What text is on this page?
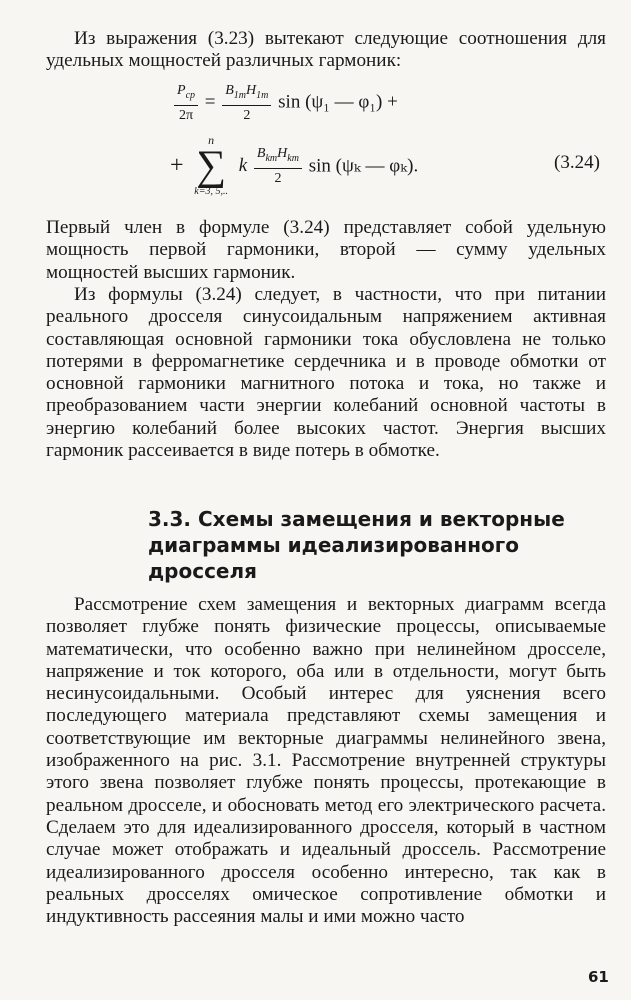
Из выражения (3.23) вытекают следующие соотношения для удельных мощностей различных гармоник:

$\frac{P_{ср}}{2\pi} = \frac{B_{1m}H_{1m}}{2}$ sin (ψ₁ — φ₁) +
+
n
∑
k=3, 5,..
k $\frac{B_{km}H_{km}}{2}$ sin (ψₖ — φₖ).	(3.24)

Первый член в формуле (3.24) представляет собой удельную мощность первой гармоники, второй — сумму удельных мощностей высших гармоник.

Из формулы (3.24) следует, в частности, что при питании реального дросселя синусоидальным напряжением активная составляющая основной гармоники тока обусловлена не только потерями в ферромагнетике сердечника и в проводе обмотки от основной гармоники магнитного потока и тока, но также и преобразованием части энергии колебаний основной частоты в энергию колебаний более высоких частот. Энергия высших гармоник рассеивается в виде потерь в обмотке.

3.3. Схемы замещения и векторные диаграммы идеализированного дросселя

Рассмотрение схем замещения и векторных диаграмм всегда позволяет глубже понять физические процессы, описываемые математически, что особенно важно при нелинейном дросселе, напряжение и ток которого, оба или в отдельности, могут быть несинусоидальными. Особый интерес для уяснения всего последующего материала представляют схемы замещения и соответствующие им векторные диаграммы нелинейного звена, изображенного на рис. 3.1. Рассмотрение внутренней структуры этого звена позволяет глубже понять процессы, протекающие в реальном дросселе, и обосновать метод его электрического расчета. Сделаем это для идеализированного дросселя, который в частном случае может отображать и идеальный дроссель. Рассмотрение идеализированного дросселя особенно интересно, так как в реальных дросселях омическое сопротивление обмотки и индуктивность рассеяния малы и ими можно часто

61
